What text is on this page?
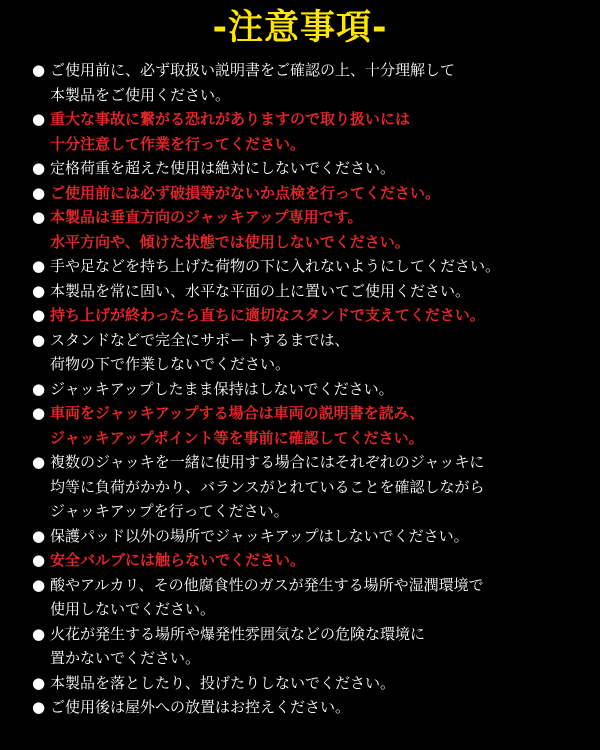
-注意事項-
● ご使用前に、必ず取扱い説明書をご確認の上、十分理解して
本製品をご使用ください。
● 重大な事故に繋がる恐れがありますので取り扱いには
十分注意して作業を行ってください。
● 定格荷重を超えた使用は絶対にしないでください。
● ご使用前には必ず破損等がないか点検を行ってください。
● 本製品は垂直方向のジャッキアップ専用です。
水平方向や、傾けた状態では使用しないでください。
● 手や足などを持ち上げた荷物の下に入れないようにしてください。
● 本製品を常に固い、水平な平面の上に置いてご使用ください。
● 持ち上げが終わったら直ちに適切なスタンドで支えてください。
● スタンドなどで完全にサポートするまでは、
荷物の下で作業しないでください。
● ジャッキアップしたまま保持はしないでください。
● 車両をジャッキアップする場合は車両の説明書を読み、
ジャッキアップポイント等を事前に確認してください。
● 複数のジャッキを一緒に使用する場合にはそれぞれのジャッキに
均等に負荷がかかり、バランスがとれていることを確認しながら
ジャッキアップを行ってください。
● 保護パッド以外の場所でジャッキアップはしないでください。
● 安全バルブには触らないでください。
● 酸やアルカリ、その他腐食性のガスが発生する場所や湿潤環境で
使用しないでください。
● 火花が発生する場所や爆発性雰囲気などの危険な環境に
置かないでください。
● 本製品を落としたり、投げたりしないでください。
● ご使用後は屋外への放置はお控えください。
